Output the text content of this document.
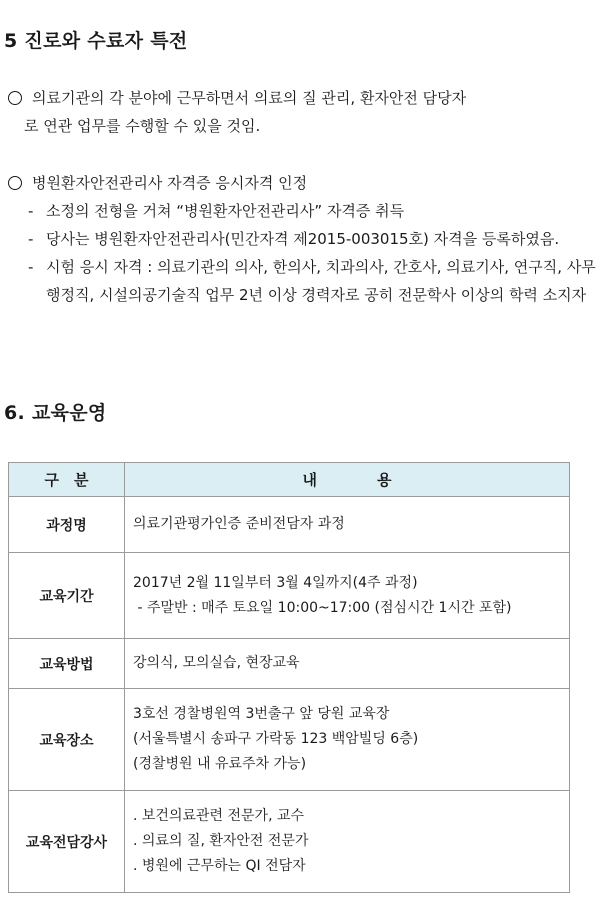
5 진로와 수료자 특전
의료기관의 각 분야에 근무하면서 의료의 질 관리, 환자안전 담당자
로 연관 업무를 수행할 수 있을 것임.
병원환자안전관리사 자격증 응시자격 인정
- 소정의 전형을 거쳐 “병원환자안전관리사” 자격증 취득
- 당사는 병원환자안전관리사(민간자격 제2015-003015호) 자격을 등록하였음.
- 시험 응시 자격 : 의료기관의 의사, 한의사, 치과의사, 간호사, 의료기사, 연구직, 사무행정직, 시설의공기술직 업무 2년 이상 경력자로 공히 전문학사 이상의 학력 소지자
6. 교육운영
구　분	내　　　　용
과정명	의료기관평가인증 준비전담자 과정

교육기간	2017년 2월 11일부터 3월 4일까지(4주 과정)
- 주말반 : 매주 토요일 10:00~17:00 (점심시간 1시간 포함)

교육방법	강의식, 모의실습, 현장교육

교육장소	3호선 경찰병원역 3번출구 앞 당원 교육장
(서울특별시 송파구 가락동 123 백암빌딩 6층)
(경찰병원 내 유료주차 가능)

교육전담강사	. 보건의료관련 전문가, 교수
. 의료의 질, 환자안전 전문가
. 병원에 근무하는 QI 전담자
